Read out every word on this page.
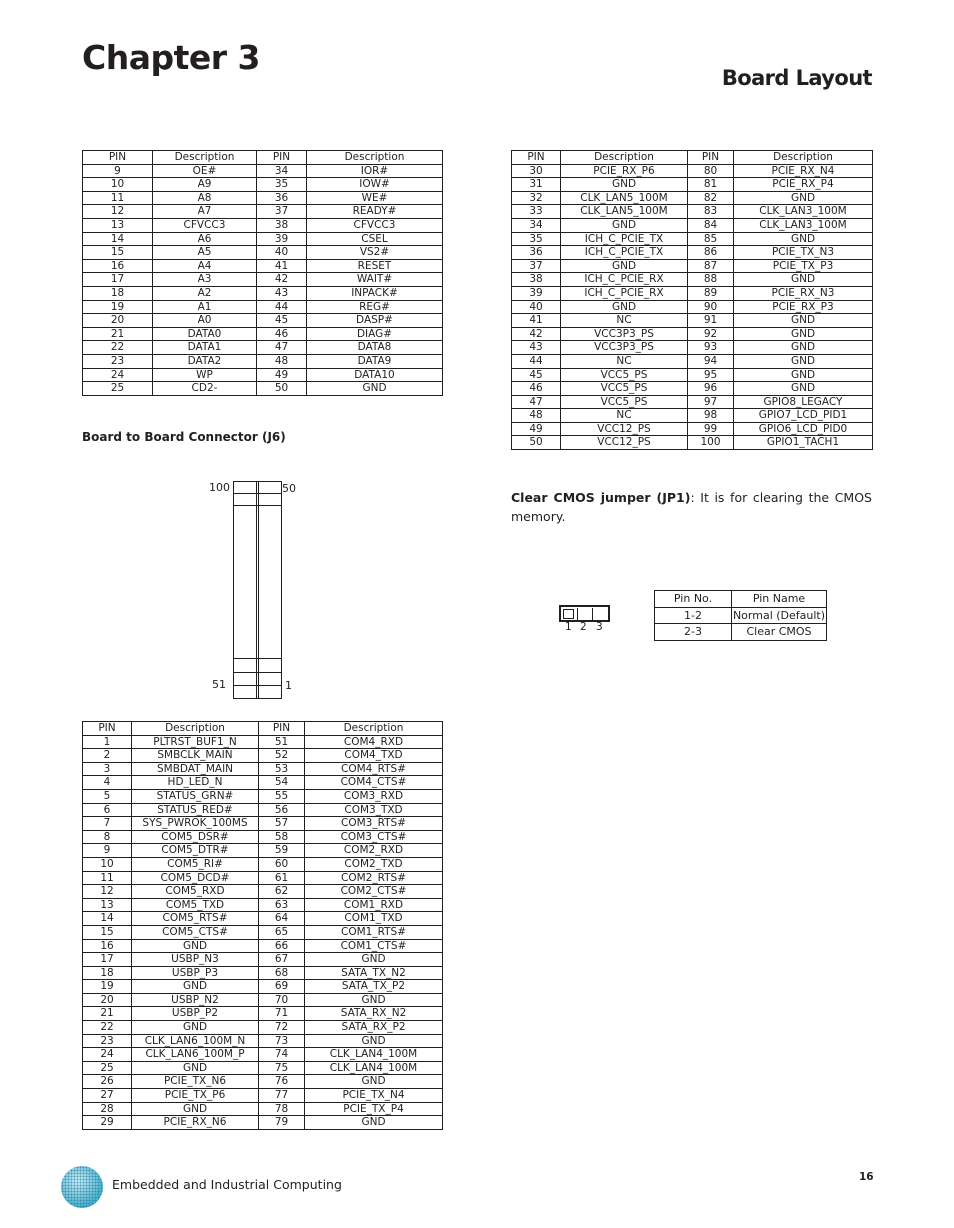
Chapter 3
Board Layout
PIN	Description	PIN	Description
9	OE#	34	IOR#
10	A9	35	IOW#
11	A8	36	WE#
12	A7	37	READY#
13	CFVCC3	38	CFVCC3
14	A6	39	CSEL
15	A5	40	VS2#
16	A4	41	RESET
17	A3	42	WAIT#
18	A2	43	INPACK#
19	A1	44	REG#
20	A0	45	DASP#
21	DATA0	46	DIAG#
22	DATA1	47	DATA8
23	DATA2	48	DATA9
24	WP	49	DATA10
25	CD2-	50	GND
Board to Board Connector (J6)
100	50
51	1
PIN	Description	PIN	Description
1	PLTRST_BUF1_N	51	COM4_RXD
2	SMBCLK_MAIN	52	COM4_TXD
3	SMBDAT_MAIN	53	COM4_RTS#
4	HD_LED_N	54	COM4_CTS#
5	STATUS_GRN#	55	COM3_RXD
6	STATUS_RED#	56	COM3_TXD
7	SYS_PWROK_100MS	57	COM3_RTS#
8	COM5_DSR#	58	COM3_CTS#
9	COM5_DTR#	59	COM2_RXD
10	COM5_RI#	60	COM2_TXD
11	COM5_DCD#	61	COM2_RTS#
12	COM5_RXD	62	COM2_CTS#
13	COM5_TXD	63	COM1_RXD
14	COM5_RTS#	64	COM1_TXD
15	COM5_CTS#	65	COM1_RTS#
16	GND	66	COM1_CTS#
17	USBP_N3	67	GND
18	USBP_P3	68	SATA_TX_N2
19	GND	69	SATA_TX_P2
20	USBP_N2	70	GND
21	USBP_P2	71	SATA_RX_N2
22	GND	72	SATA_RX_P2
23	CLK_LAN6_100M_N	73	GND
24	CLK_LAN6_100M_P	74	CLK_LAN4_100M
25	GND	75	CLK_LAN4_100M
26	PCIE_TX_N6	76	GND
27	PCIE_TX_P6	77	PCIE_TX_N4
28	GND	78	PCIE_TX_P4
29	PCIE_RX_N6	79	GND
PIN	Description	PIN	Description
30	PCIE_RX_P6	80	PCIE_RX_N4
31	GND	81	PCIE_RX_P4
32	CLK_LAN5_100M	82	GND
33	CLK_LAN5_100M	83	CLK_LAN3_100M
34	GND	84	CLK_LAN3_100M
35	ICH_C_PCIE_TX	85	GND
36	ICH_C_PCIE_TX	86	PCIE_TX_N3
37	GND	87	PCIE_TX_P3
38	ICH_C_PCIE_RX	88	GND
39	ICH_C_PCIE_RX	89	PCIE_RX_N3
40	GND	90	PCIE_RX_P3
41	NC	91	GND
42	VCC3P3_PS	92	GND
43	VCC3P3_PS	93	GND
44	NC	94	GND
45	VCC5_PS	95	GND
46	VCC5_PS	96	GND
47	VCC5_PS	97	GPIO8_LEGACY
48	NC	98	GPIO7_LCD_PID1
49	VCC12_PS	99	GPIO6_LCD_PID0
50	VCC12_PS	100	GPIO1_TACH1
Clear CMOS jumper (JP1): It is for clearing the CMOS memory.
1 2 3
Pin No.	Pin Name
1-2	Normal (Default)
2-3	Clear CMOS
Embedded and Industrial Computing	16
